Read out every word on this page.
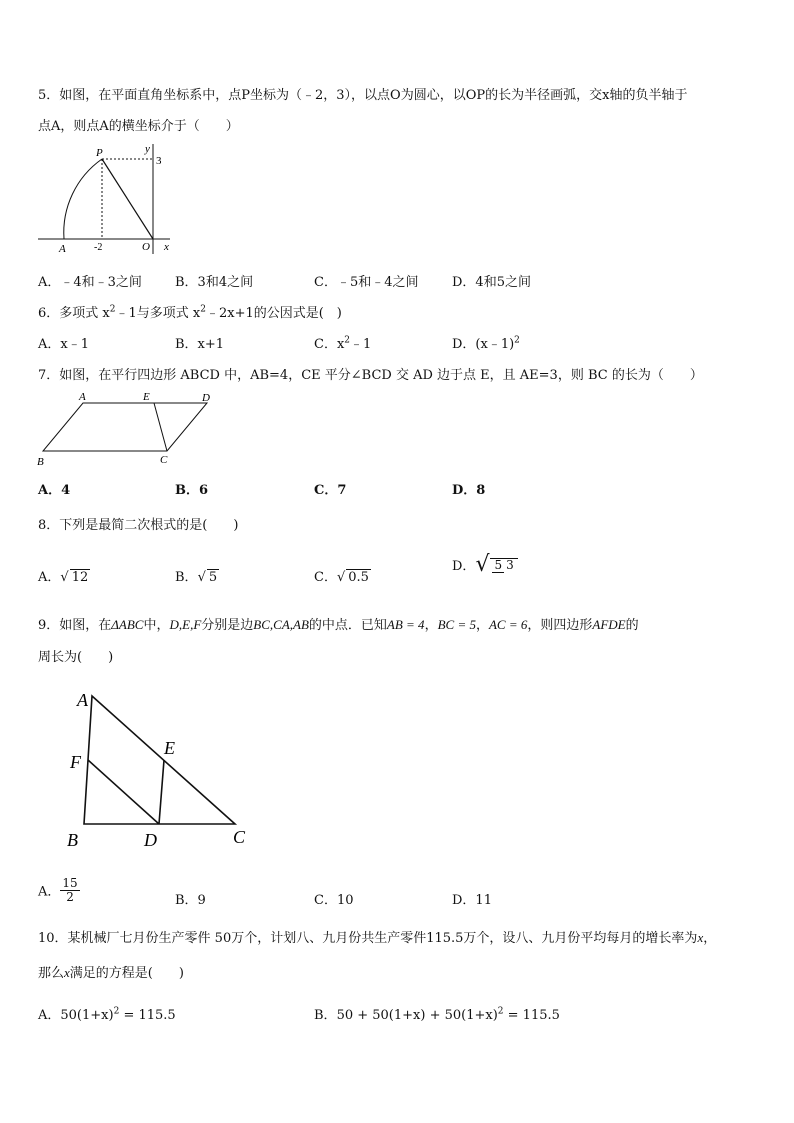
5．如图，在平面直角坐标系中，点P坐标为（﹣2，3），以点O为圆心，以OP的长为半径画弧，交x轴的负半轴于
点A，则点A的横坐标介于（　　）
P	y
3
A	-2	O x
A．﹣4和﹣3之间	B．3和4之间	C．﹣5和﹣4之间	D．4和5之间
6．多项式 $x^2﹣1$与多项式 $x^2﹣2x+1$的公因式是(　)
A．x﹣1	B．x+1	C．$x^2﹣1$	D．(x﹣1)$^2$
7．如图，在平行四边形 ABCD 中，AB=4，CE 平分∠BCD 交 AD 边于点 E，且 AE=3，则 BC 的长为（　　）
A	E	D
B	C
A．4	B．6	C．7	D．8
8．下列是最简二次根式的是(　　)
A．√ 12	B．√ 5	C．√ 0.5
D．√ 5 3
9．如图，在ΔABC中，D,E,F分别是边BC,CA,AB的中点．已知AB = 4，BC = 5，AC = 6，则四边形AFDE的
周长为(　　)
A
F
E
B	D	C
A． $\frac{15}{2}$	B．9	C．10	D．11
10．某机械厂七月份生产零件 50万个，计划八、九月份共生产零件115.5万个，设八、九月份平均每月的增长率为x，
那么x满足的方程是(　　)
A．$50(1+x)^2 = 115.5$	B．$50 + 50(1+x) + 50(1+x)^2 = 115.5$
